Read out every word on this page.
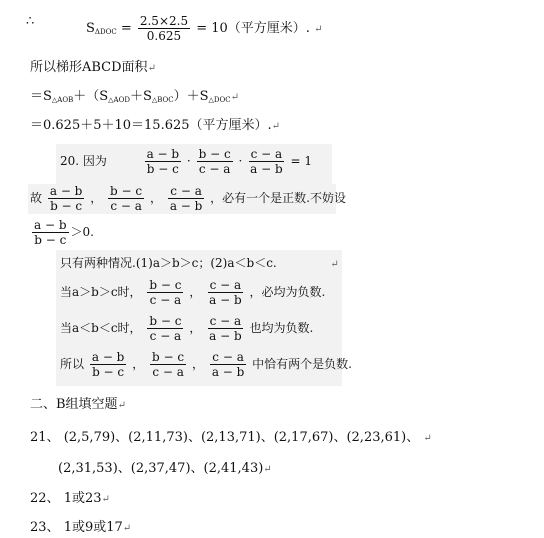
∴	$S_{\Delta DOC} = \frac{2.5\times 2.5}{0.625} = 10$（平方厘米）. ↵
所以梯形ABCD面积↵
$=S_{\triangle AOB}+(S_{\triangle AOD}+S_{\triangle BOC})+S_{\triangle DOC}↵$
＝0.625＋5＋10＝15.625（平方厘米）.↵
20. 因为	$\frac{a - b}{b - c} \cdot \frac{b - c}{c - a} \cdot \frac{c - a}{a - b} = 1$
故 $\frac{a - b}{b - c}$ ， $\frac{b - c}{c - a}$ ， $\frac{c - a}{a - b}$ ，必有一个是正数.不妨设
$\frac{a - b}{b - c} >0$.
只有两种情况.(1)a＞b＞c；(2)a＜b＜c.	↵
当a＞b＞c时， $\frac{b - c}{c - a}$ ， $\frac{c - a}{a - b}$ ，必均为负数.
当a＜b＜c时， $\frac{b - c}{c - a}$ ， $\frac{c - a}{a - b}$ 也均为负数.
所以 $\frac{a - b}{b - c}$ ， $\frac{b - c}{c - a}$ ， $\frac{c - a}{a - b}$ 中恰有两个是负数.
二、B组填空题↵
21、 (2,5,79)、(2,11,73)、(2,13,71)、(2,17,67)、(2,23,61)、 ↵
(2,31,53)、(2,37,47)、(2,41,43)↵
22、 1或23↵
23、 1或9或17↵
